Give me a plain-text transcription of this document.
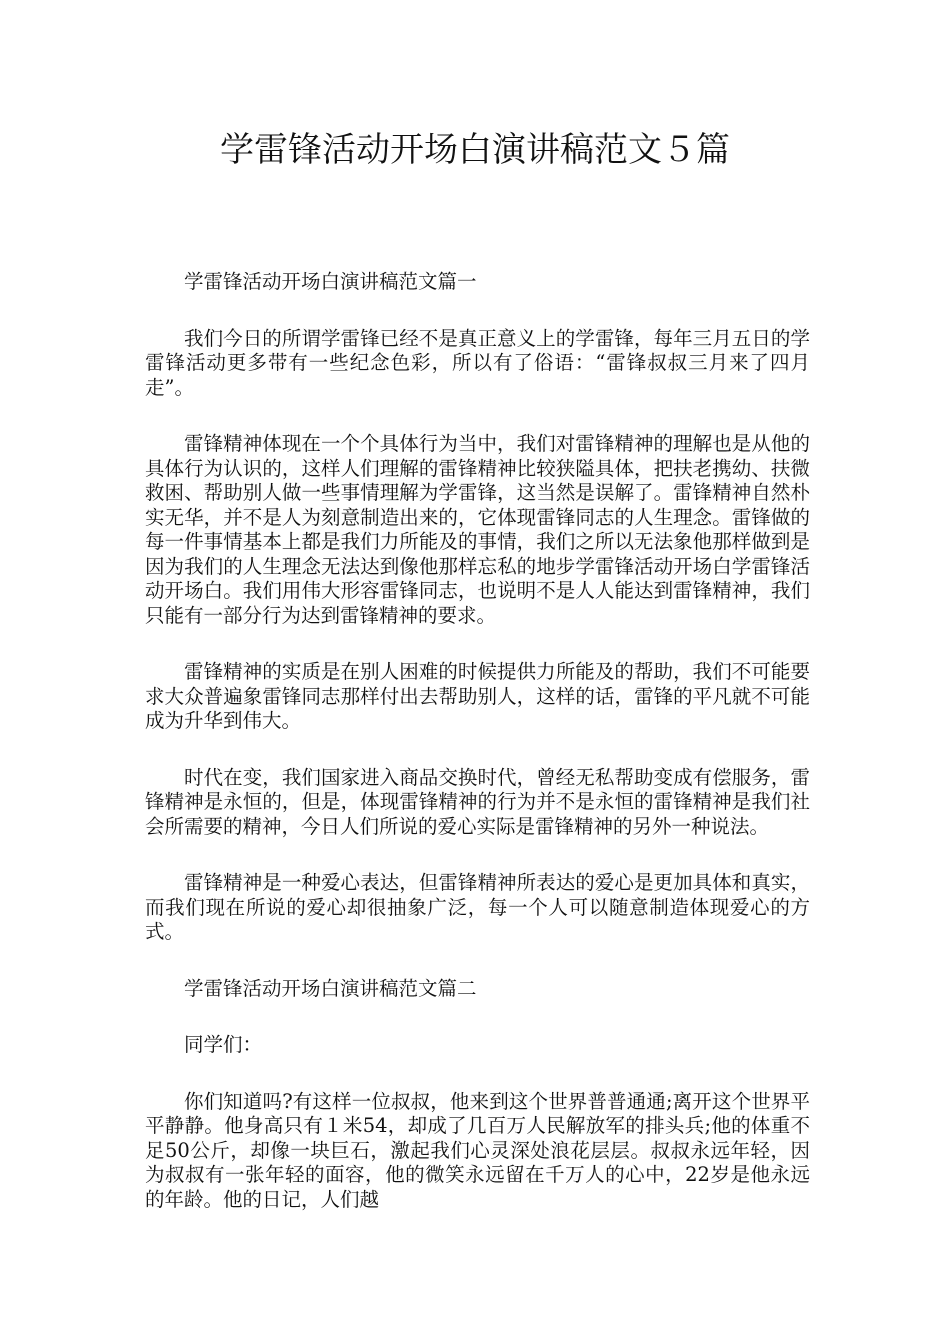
学雷锋活动开场白演讲稿范文５篇

学雷锋活动开场白演讲稿范文篇一

我们今日的所谓学雷锋已经不是真正意义上的学雷锋，每年三月五日的学雷锋活动更多带有一些纪念色彩，所以有了俗语：“雷锋叔叔三月来了四月走”。

雷锋精神体现在一个个具体行为当中，我们对雷锋精神的理解也是从他的具体行为认识的，这样人们理解的雷锋精神比较狭隘具体，把扶老携幼、扶微救困、帮助别人做一些事情理解为学雷锋，这当然是误解了。雷锋精神自然朴实无华，并不是人为刻意制造出来的，它体现雷锋同志的人生理念。雷锋做的每一件事情基本上都是我们力所能及的事情，我们之所以无法象他那样做到是因为我们的人生理念无法达到像他那样忘私的地步学雷锋活动开场白学雷锋活动开场白。我们用伟大形容雷锋同志，也说明不是人人能达到雷锋精神，我们只能有一部分行为达到雷锋精神的要求。

雷锋精神的实质是在别人困难的时候提供力所能及的帮助，我们不可能要求大众普遍象雷锋同志那样付出去帮助别人，这样的话，雷锋的平凡就不可能成为升华到伟大。

时代在变，我们国家进入商品交换时代，曾经无私帮助变成有偿服务，雷锋精神是永恒的，但是，体现雷锋精神的行为并不是永恒的雷锋精神是我们社会所需要的精神，今日人们所说的爱心实际是雷锋精神的另外一种说法。

雷锋精神是一种爱心表达，但雷锋精神所表达的爱心是更加具体和真实，而我们现在所说的爱心却很抽象广泛，每一个人可以随意制造体现爱心的方式。

学雷锋活动开场白演讲稿范文篇二

同学们：

你们知道吗?有这样一位叔叔，他来到这个世界普普通通;离开这个世界平平静静。他身高只有１米54，却成了几百万人民解放军的排头兵;他的体重不足50公斤，却像一块巨石，激起我们心灵深处浪花层层。叔叔永远年轻，因为叔叔有一张年轻的面容，他的微笑永远留在千万人的心中，22岁是他永远的年龄。他的日记，人们越
